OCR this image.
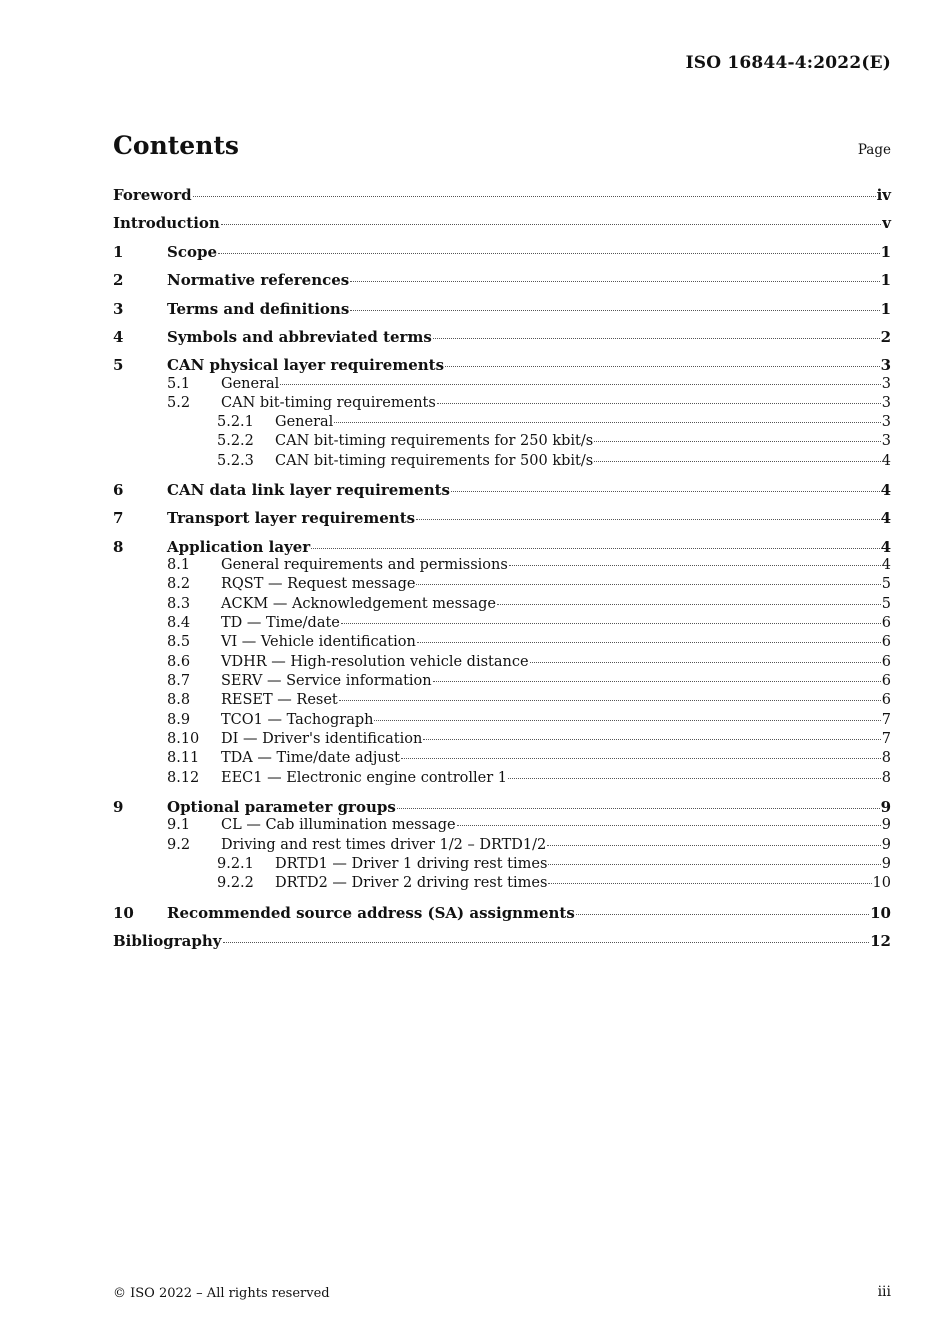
ISO 16844-4:2022(E)
Contents	Page
Foreword	iv
Introduction	v
1	Scope	1
2	Normative references	1
3	Terms and definitions	1
4	Symbols and abbreviated terms	2
5	CAN physical layer requirements	3
5.1	General	3
5.2	CAN bit-timing requirements	3
5.2.1	General	3
5.2.2	CAN bit-timing requirements for 250 kbit/s	3
5.2.3	CAN bit-timing requirements for 500 kbit/s	4
6	CAN data link layer requirements	4
7	Transport layer requirements	4
8	Application layer	4
8.1	General requirements and permissions	4
8.2	RQST — Request message	5
8.3	ACKM — Acknowledgement message	5
8.4	TD — Time/date	6
8.5	VI — Vehicle identification	6
8.6	VDHR — High-resolution vehicle distance	6
8.7	SERV — Service information	6
8.8	RESET — Reset	6
8.9	TCO1 — Tachograph	7
8.10	DI — Driver's identification	7
8.11	TDA — Time/date adjust	8
8.12	EEC1 — Electronic engine controller 1	8
9	Optional parameter groups	9
9.1	CL — Cab illumination message	9
9.2	Driving and rest times driver 1/2 – DRTD1/2	9
9.2.1	DRTD1 — Driver 1 driving rest times	9
9.2.2	DRTD2 — Driver 2 driving rest times	10
10	Recommended source address (SA) assignments	10
Bibliography	12
© ISO 2022 – All rights reserved	iii
